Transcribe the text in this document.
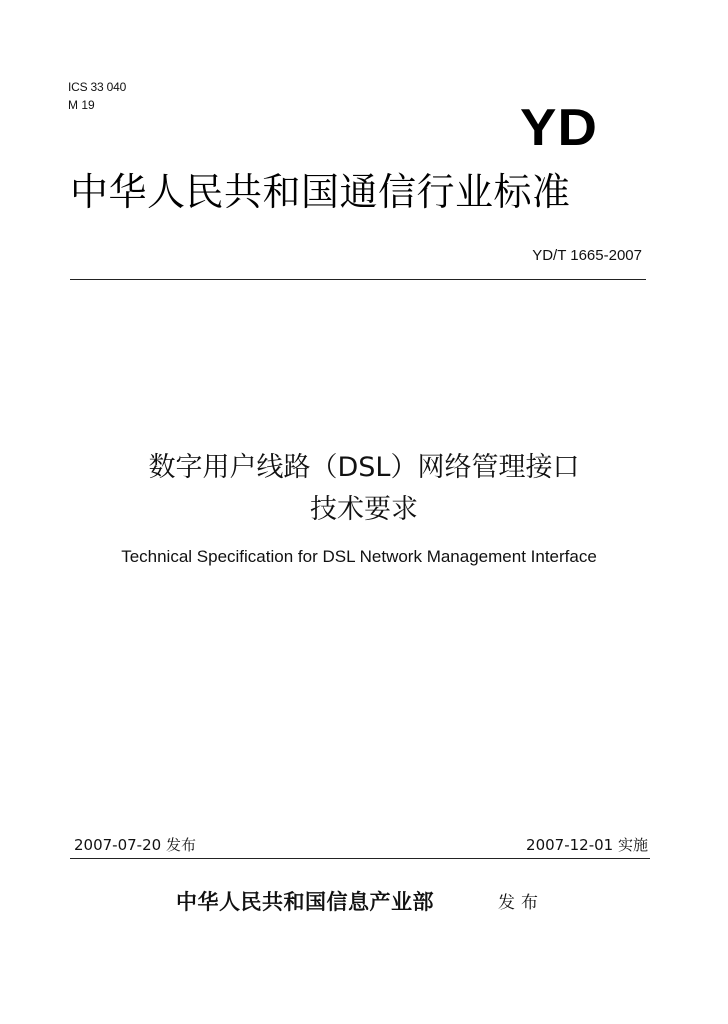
ICS 33 040
M 19	YD
中华人民共和国通信行业标准
YD/T 1665-2007
数字用户线路（DSL）网络管理接口
技术要求
Technical Specification for DSL Network Management Interface
2007-07-20 发布	2007-12-01 实施
中华人民共和国信息产业部	发布
